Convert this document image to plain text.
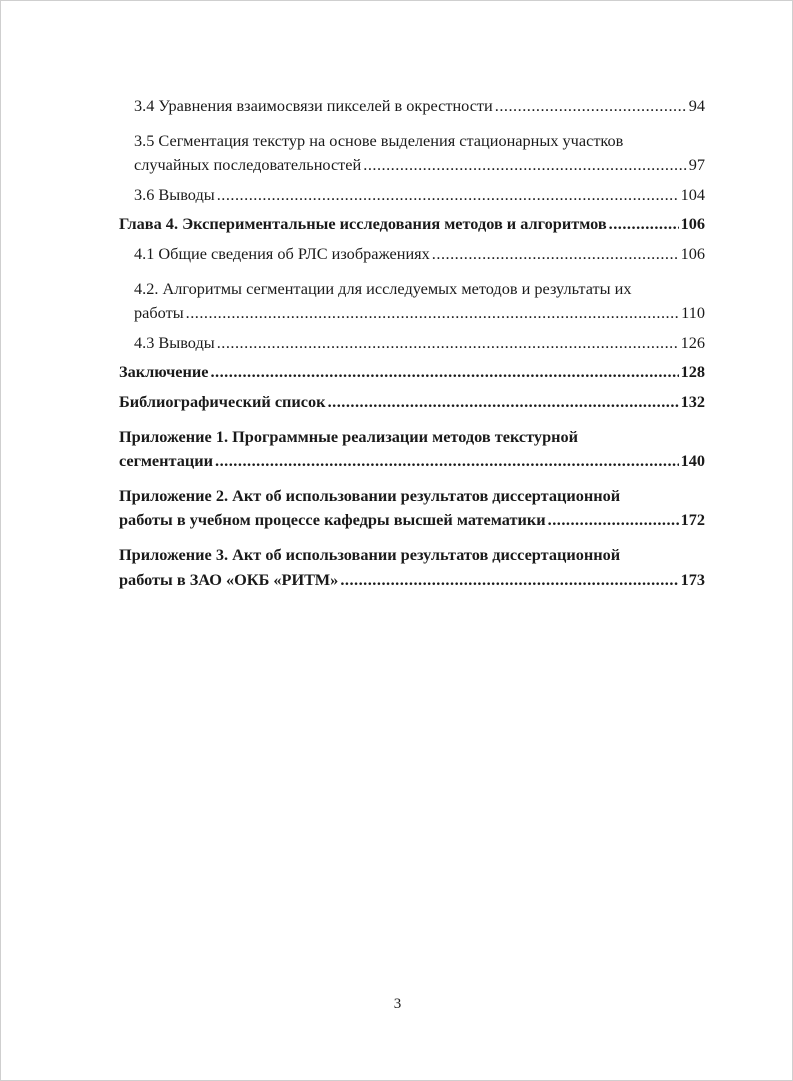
3.4 Уравнения взаимосвязи пикселей в окрестности .....	94
3.5 Сегментация текстур на основе выделения стационарных участков
случайных последовательностей .....	97
3.6 Выводы .....	104
Глава 4. Экспериментальные исследования методов и алгоритмов .....	106
4.1 Общие сведения об РЛС изображениях .....	106
4.2. Алгоритмы сегментации для исследуемых методов и результаты их
работы .....	110
4.3 Выводы .....	126
Заключение .....	128
Библиографический список .....	132
Приложение 1. Программные реализации методов текстурной
сегментации .....	140
Приложение 2. Акт об использовании результатов диссертационной
работы в учебном процессе кафедры высшей математики .....	172
Приложение 3. Акт об использовании результатов диссертационной
работы в ЗАО «ОКБ «РИТМ» .....	173
3
